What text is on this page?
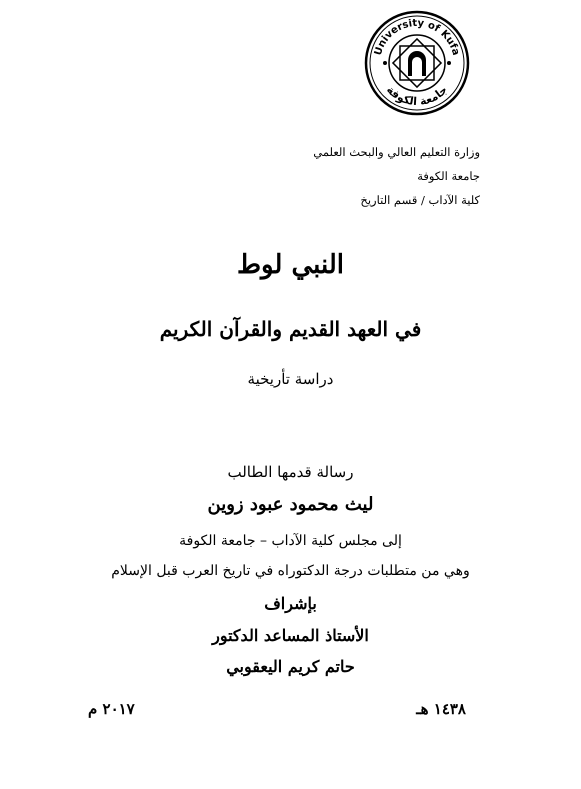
University of Kufa
جامعة الكوفة
وزارة التعليم العالي والبحث العلمي
جامعة الكوفة
كلية الآداب / قسم التاريخ
النبي لوط
في العهد القديم والقرآن الكريم
دراسة تأريخية
رسالة قدمها الطالب
ليث محمود عبود زوين
إلى مجلس كلية الآداب – جامعة الكوفة
وهي من متطلبات درجة الدكتوراه في تاريخ العرب قبل الإسلام
بإشراف
الأستاذ المساعد الدكتور
حاتم كريم اليعقوبي
١٤٣٨ هـ
٢٠١٧ م
